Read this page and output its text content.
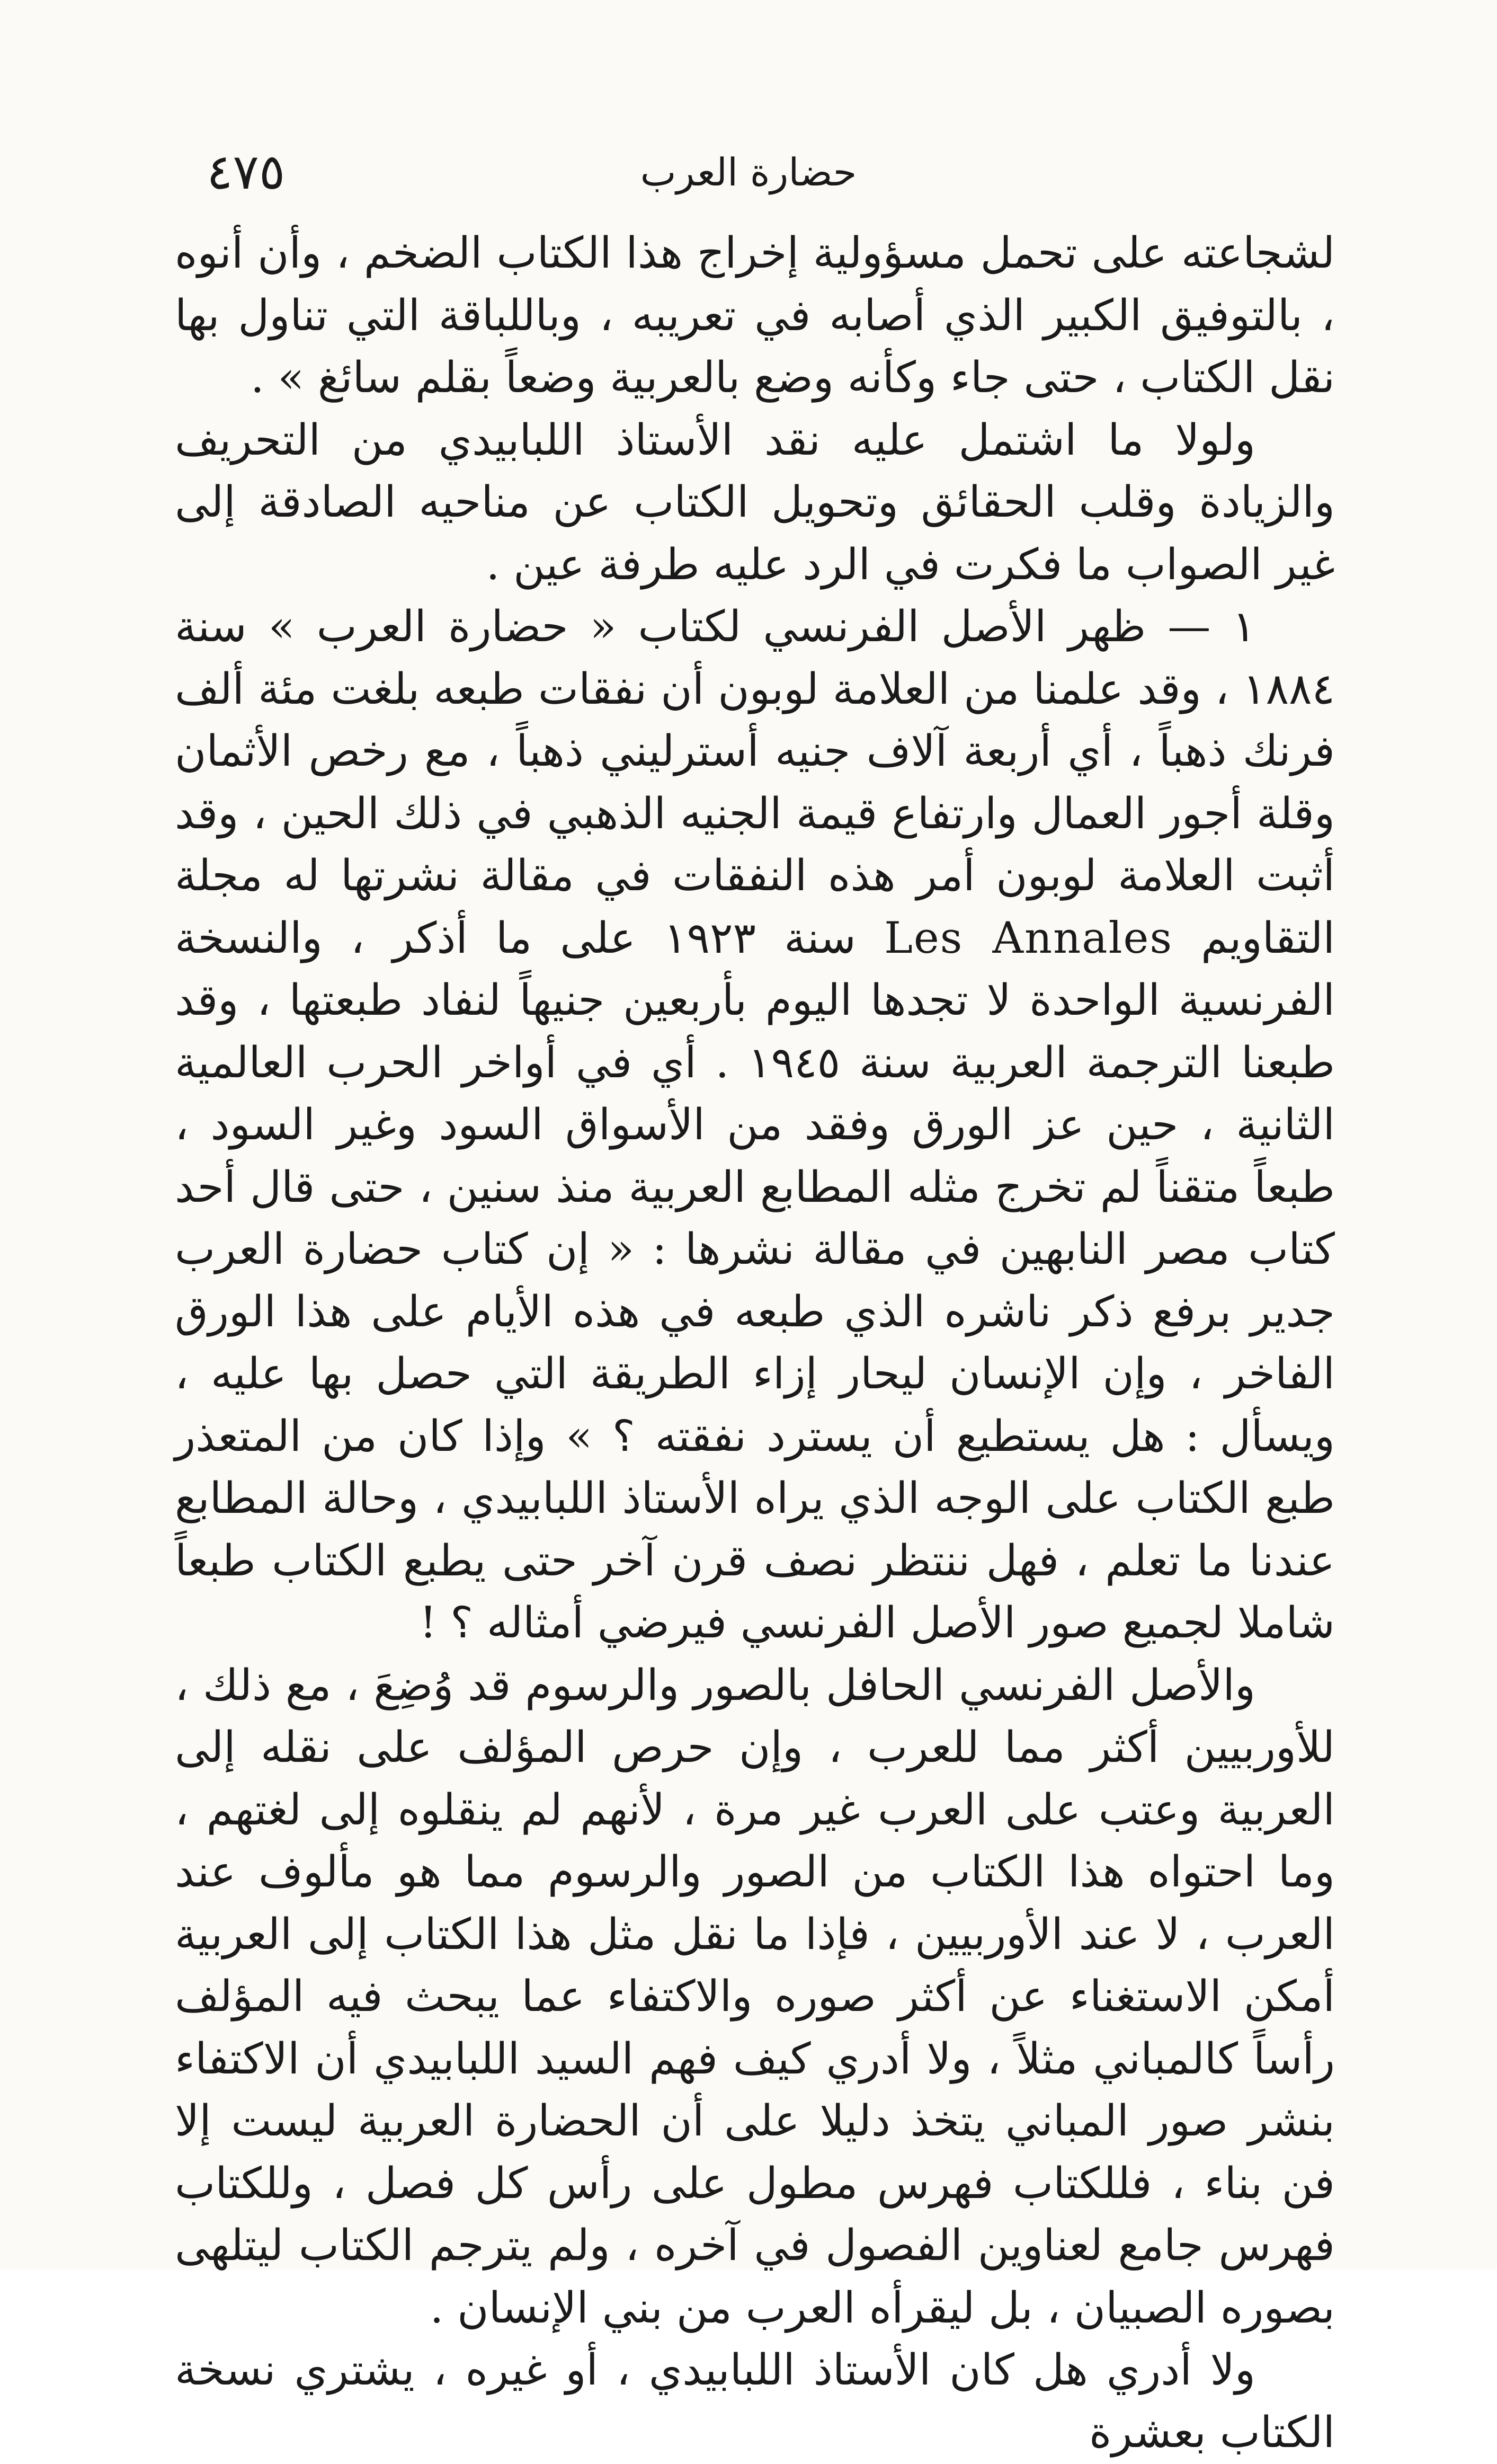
حضارة العرب
٤٧٥

لشجاعته على تحمل مسؤولية إخراج هذا الكتاب الضخم ، وأن أنوه ، بالتوفيق الكبير الذي أصابه في تعريبه ، وباللباقة التي تناول بها نقل الكتاب ، حتى جاء وكأنه وضع بالعربية وضعاً بقلم سائغ » .

ولولا ما اشتمل عليه نقد الأستاذ اللبابيدي من التحريف والزيادة وقلب الحقائق وتحويل الكتاب عن مناحيه الصادقة إلى غير الصواب ما فكرت في الرد عليه طرفة عين .

١ — ظهر الأصل الفرنسي لكتاب « حضارة العرب » سنة ١٨٨٤ ، وقد علمنا من العلامة لوبون أن نفقات طبعه بلغت مئة ألف فرنك ذهباً ، أي أربعة آلاف جنيه أسترليني ذهباً ، مع رخص الأثمان وقلة أجور العمال وارتفاع قيمة الجنيه الذهبي في ذلك الحين ، وقد أثبت العلامة لوبون أمر هذه النفقات في مقالة نشرتها له مجلة التقاويم Les Annales سنة ١٩٢٣ على ما أذكر ، والنسخة الفرنسية الواحدة لا تجدها اليوم بأربعين جنيهاً لنفاد طبعتها ، وقد طبعنا الترجمة العربية سنة ١٩٤٥ . أي في أواخر الحرب العالمية الثانية ، حين عز الورق وفقد من الأسواق السود وغير السود ، طبعاً متقناً لم تخرج مثله المطابع العربية منذ سنين ، حتى قال أحد كتاب مصر النابهين في مقالة نشرها : « إن كتاب حضارة العرب جدير برفع ذكر ناشره الذي طبعه في هذه الأيام على هذا الورق الفاخر ، وإن الإنسان ليحار إزاء الطريقة التي حصل بها عليه ، ويسأل : هل يستطيع أن يسترد نفقته ؟ » وإذا كان من المتعذر طبع الكتاب على الوجه الذي يراه الأستاذ اللبابيدي ، وحالة المطابع عندنا ما تعلم ، فهل ننتظر نصف قرن آخر حتى يطبع الكتاب طبعاً شاملا لجميع صور الأصل الفرنسي فيرضي أمثاله ؟ !

والأصل الفرنسي الحافل بالصور والرسوم قد وُضِعَ ، مع ذلك ، للأوربيين أكثر مما للعرب ، وإن حرص المؤلف على نقله إلى العربية وعتب على العرب غير مرة ، لأنهم لم ينقلوه إلى لغتهم ، وما احتواه هذا الكتاب من الصور والرسوم مما هو مألوف عند العرب ، لا عند الأوربيين ، فإذا ما نقل مثل هذا الكتاب إلى العربية أمكن الاستغناء عن أكثر صوره والاكتفاء عما يبحث فيه المؤلف رأساً كالمباني مثلاً ، ولا أدري كيف فهم السيد اللبابيدي أن الاكتفاء بنشر صور المباني يتخذ دليلا على أن الحضارة العربية ليست إلا فن بناء ، فللكتاب فهرس مطول على رأس كل فصل ، وللكتاب فهرس جامع لعناوين الفصول في آخره ، ولم يترجم الكتاب ليتلهى بصوره الصبيان ، بل ليقرأه العرب من بني الإنسان .

ولا أدري هل كان الأستاذ اللبابيدي ، أو غيره ، يشتري نسخة الكتاب بعشرة
